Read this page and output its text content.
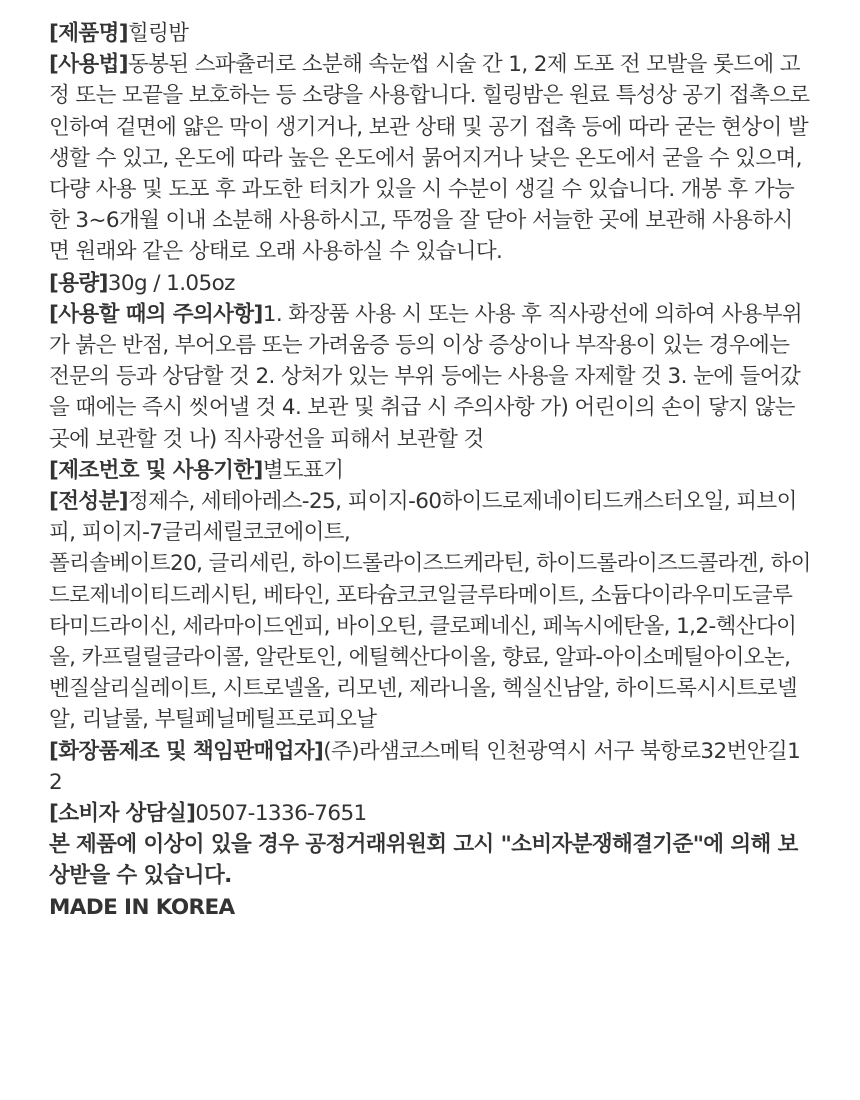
[제품명]힐링밤

[사용법]동봉된 스파츌러로 소분해 속눈썹 시술 간 1, 2제 도포 전 모발을 롯드에 고정 또는 모끝을 보호하는 등 소량을 사용합니다. 힐링밤은 원료 특성상 공기 접촉으로 인하여 겉면에 얇은 막이 생기거나, 보관 상태 및 공기 접촉 등에 따라 굳는 현상이 발생할 수 있고, 온도에 따라 높은 온도에서 묽어지거나 낮은 온도에서 굳을 수 있으며, 다량 사용 및 도포 후 과도한 터치가 있을 시 수분이 생길 수 있습니다. 개봉 후 가능한 3~6개월 이내 소분해 사용하시고, 뚜껑을 잘 닫아 서늘한 곳에 보관해 사용하시면 원래와 같은 상태로 오래 사용하실 수 있습니다.

[용량]30g / 1.05oz

[사용할 때의 주의사항]1. 화장품 사용 시 또는 사용 후 직사광선에 의하여 사용부위가 붉은 반점, 부어오름 또는 가려움증 등의 이상 증상이나 부작용이 있는 경우에는 전문의 등과 상담할 것 2. 상처가 있는 부위 등에는 사용을 자제할 것 3. 눈에 들어갔을 때에는 즉시 씻어낼 것 4. 보관 및 취급 시 주의사항 가) 어린이의 손이 닿지 않는 곳에 보관할 것 나) 직사광선을 피해서 보관할 것

[제조번호 및 사용기한]별도표기

[전성분]정제수, 세테아레스-25, 피이지-60하이드로제네이티드캐스터오일, 피브이피, 피이지-7글리세릴코코에이트,

폴리솔베이트20, 글리세린, 하이드롤라이즈드케라틴, 하이드롤라이즈드콜라겐, 하이드로제네이티드레시틴, 베타인, 포타슘코코일글루타메이트, 소듐다이라우미도글루타미드라이신, 세라마이드엔피, 바이오틴, 클로페네신, 페녹시에탄올, 1,2-헥산다이올, 카프릴릴글라이콜, 알란토인, 에틸헥산다이올, 향료, 알파-아이소메틸아이오논, 벤질살리실레이트, 시트로넬올, 리모넨, 제라니올, 헥실신남알, 하이드록시시트로넬알, 리날룰, 부틸페닐메틸프로피오날

[화장품제조 및 책임판매업자](주)라샘코스메틱 인천광역시 서구 북항로32번안길12

[소비자 상담실]0507-1336-7651

본 제품에 이상이 있을 경우 공정거래위원회 고시 "소비자분쟁해결기준"에 의해 보상받을 수 있습니다.

MADE IN KOREA
